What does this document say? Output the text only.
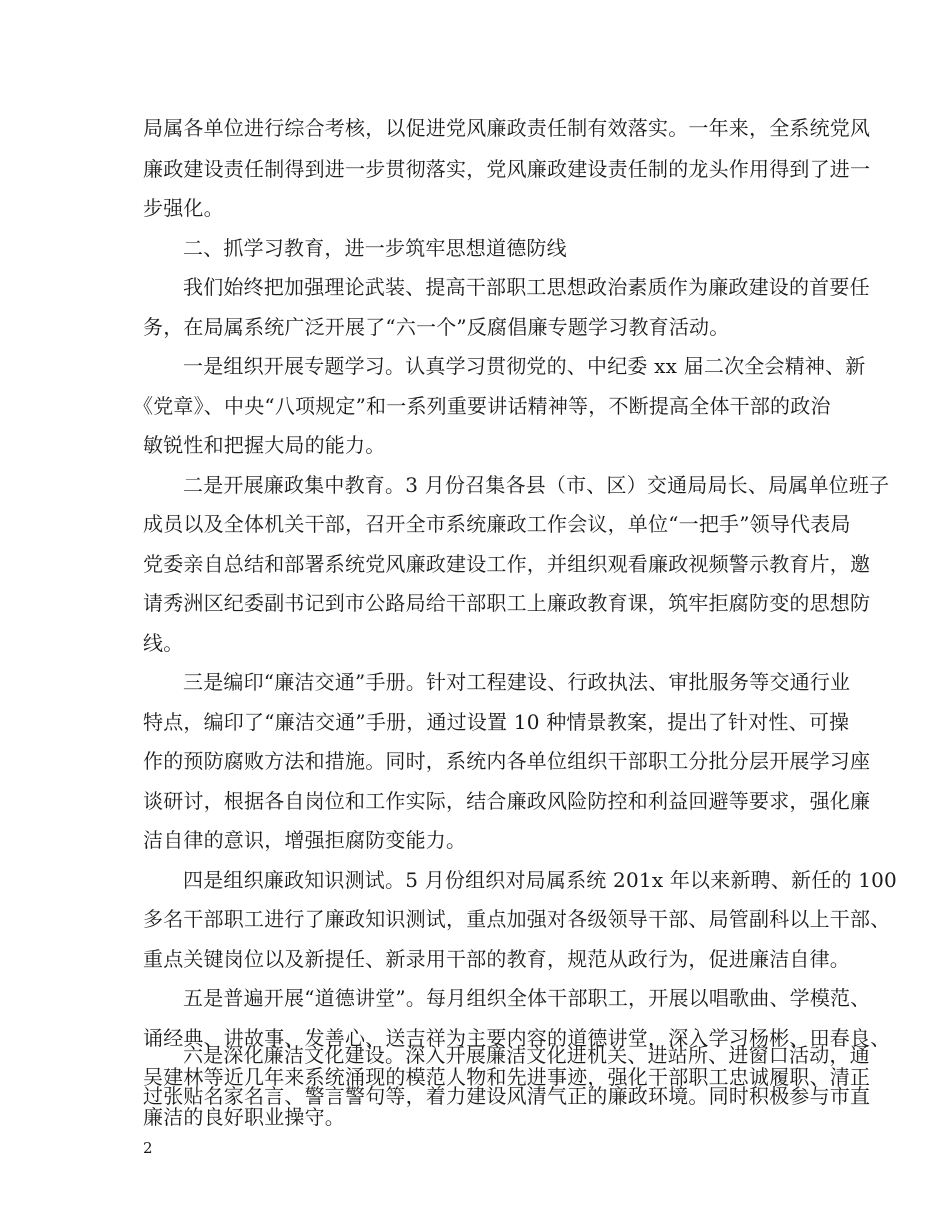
局属各单位进行综合考核，以促进党风廉政责任制有效落实。一年来，全系统党风
廉政建设责任制得到进一步贯彻落实，党风廉政建设责任制的龙头作用得到了进一
步强化。
二、抓学习教育，进一步筑牢思想道德防线
我们始终把加强理论武装、提高干部职工思想政治素质作为廉政建设的首要任
务，在局属系统广泛开展了“六一个”反腐倡廉专题学习教育活动。
一是组织开展专题学习。认真学习贯彻党的、中纪委 xx 届二次全会精神、新
《党章》、中央“八项规定”和一系列重要讲话精神等，不断提高全体干部的政治
敏锐性和把握大局的能力。
二是开展廉政集中教育。3 月份召集各县（市、区）交通局局长、局属单位班子
成员以及全体机关干部，召开全市系统廉政工作会议，单位“一把手”领导代表局
党委亲自总结和部署系统党风廉政建设工作，并组织观看廉政视频警示教育片，邀
请秀洲区纪委副书记到市公路局给干部职工上廉政教育课，筑牢拒腐防变的思想防
线。
三是编印“廉洁交通”手册。针对工程建设、行政执法、审批服务等交通行业
特点，编印了“廉洁交通”手册，通过设置 10 种情景教案，提出了针对性、可操
作的预防腐败方法和措施。同时，系统内各单位组织干部职工分批分层开展学习座
谈研讨，根据各自岗位和工作实际，结合廉政风险防控和利益回避等要求，强化廉
洁自律的意识，增强拒腐防变能力。
四是组织廉政知识测试。5 月份组织对局属系统 201x 年以来新聘、新任的 100
多名干部职工进行了廉政知识测试，重点加强对各级领导干部、局管副科以上干部、
重点关键岗位以及新提任、新录用干部的教育，规范从政行为，促进廉洁自律。
五是普遍开展“道德讲堂”。每月组织全体干部职工，开展以唱歌曲、学模范、
诵经典、讲故事、发善心、送吉祥为主要内容的道德讲堂，深入学习杨彬、田春良、
吴建林等近几年来系统涌现的模范人物和先进事迹，强化干部职工忠诚履职、清正
廉洁的良好职业操守。
六是深化廉洁文化建设。深入开展廉洁文化进机关、进站所、进窗口活动，通
过张贴名家名言、警言警句等，着力建设风清气正的廉政环境。同时积极参与市直
2
